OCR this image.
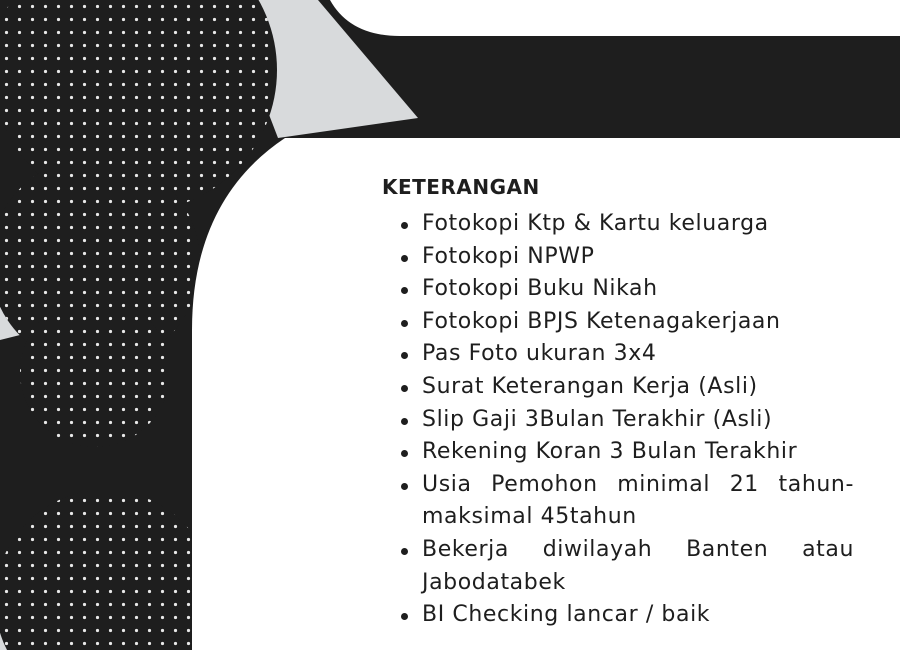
KETERANGAN
Fotokopi Ktp & Kartu keluarga
Fotokopi NPWP
Fotokopi Buku Nikah
Fotokopi BPJS Ketenagakerjaan
Pas Foto ukuran 3x4
Surat Keterangan Kerja (Asli)
Slip Gaji 3Bulan Terakhir (Asli)
Rekening Koran 3 Bulan Terakhir
Usia Pemohon minimal 21 tahun-maksimal 45tahun
Bekerja diwilayah Banten atau Jabodatabek
BI Checking lancar / baik
